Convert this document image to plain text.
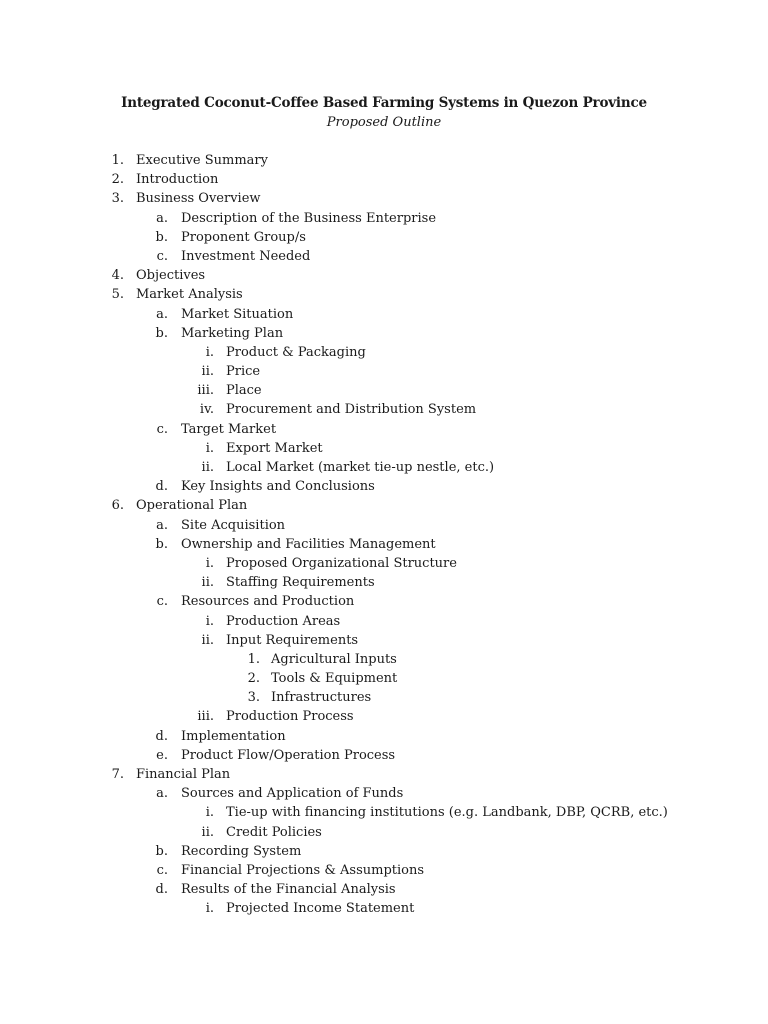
Integrated Coconut-Coffee Based Farming Systems in Quezon Province
Proposed Outline
1. Executive Summary
2. Introduction
3. Business Overview
a. Description of the Business Enterprise
b. Proponent Group/s
c. Investment Needed
4. Objectives
5. Market Analysis
a. Market Situation
b. Marketing Plan
i. Product & Packaging
ii. Price
iii. Place
iv. Procurement and Distribution System
c. Target Market
i. Export Market
ii. Local Market (market tie-up nestle, etc.)
d. Key Insights and Conclusions
6. Operational Plan
a. Site Acquisition
b. Ownership and Facilities Management
i. Proposed Organizational Structure
ii. Staffing Requirements
c. Resources and Production
i. Production Areas
ii. Input Requirements
1. Agricultural Inputs
2. Tools & Equipment
3. Infrastructures
iii. Production Process
d. Implementation
e. Product Flow/Operation Process
7. Financial Plan
a. Sources and Application of Funds
i. Tie-up with financing institutions (e.g. Landbank, DBP, QCRB, etc.)
ii. Credit Policies
b. Recording System
c. Financial Projections & Assumptions
d. Results of the Financial Analysis
i. Projected Income Statement
